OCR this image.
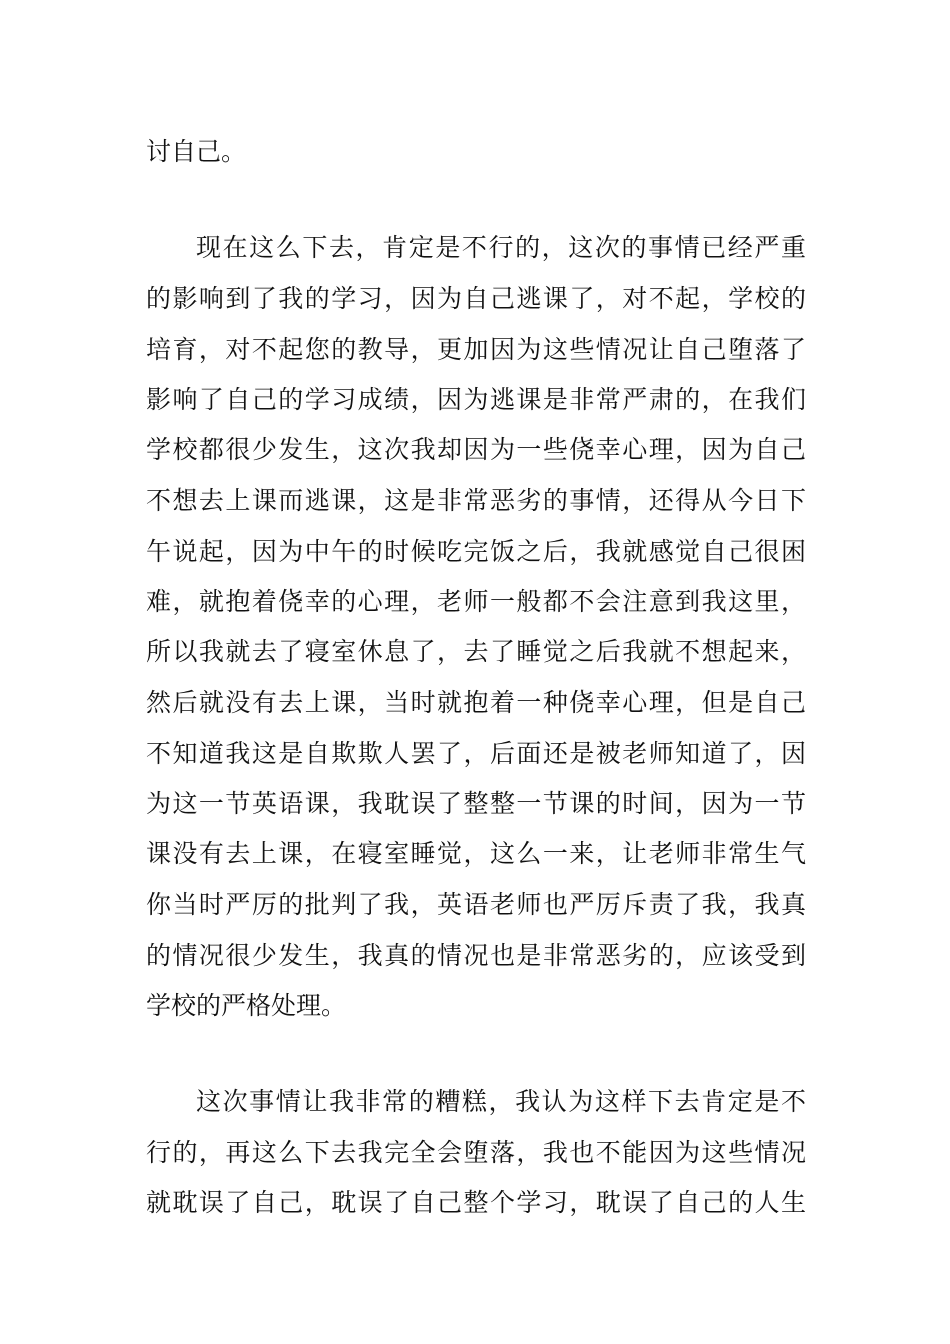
讨自己。
现在这么下去，肯定是不行的，这次的事情已经严重
的影响到了我的学习，因为自己逃课了，对不起，学校的
培育，对不起您的教导，更加因为这些情况让自己堕落了
影响了自己的学习成绩，因为逃课是非常严肃的，在我们
学校都很少发生，这次我却因为一些侥幸心理，因为自己
不想去上课而逃课，这是非常恶劣的事情，还得从今日下
午说起，因为中午的时候吃完饭之后，我就感觉自己很困
难，就抱着侥幸的心理，老师一般都不会注意到我这里，
所以我就去了寝室休息了，去了睡觉之后我就不想起来，
然后就没有去上课，当时就抱着一种侥幸心理，但是自己
不知道我这是自欺欺人罢了，后面还是被老师知道了，因
为这一节英语课，我耽误了整整一节课的时间，因为一节
课没有去上课，在寝室睡觉，这么一来，让老师非常生气
你当时严厉的批判了我，英语老师也严厉斥责了我，我真
的情况很少发生，我真的情况也是非常恶劣的，应该受到
学校的严格处理。
这次事情让我非常的糟糕，我认为这样下去肯定是不
行的，再这么下去我完全会堕落，我也不能因为这些情况
就耽误了自己，耽误了自己整个学习，耽误了自己的人生
